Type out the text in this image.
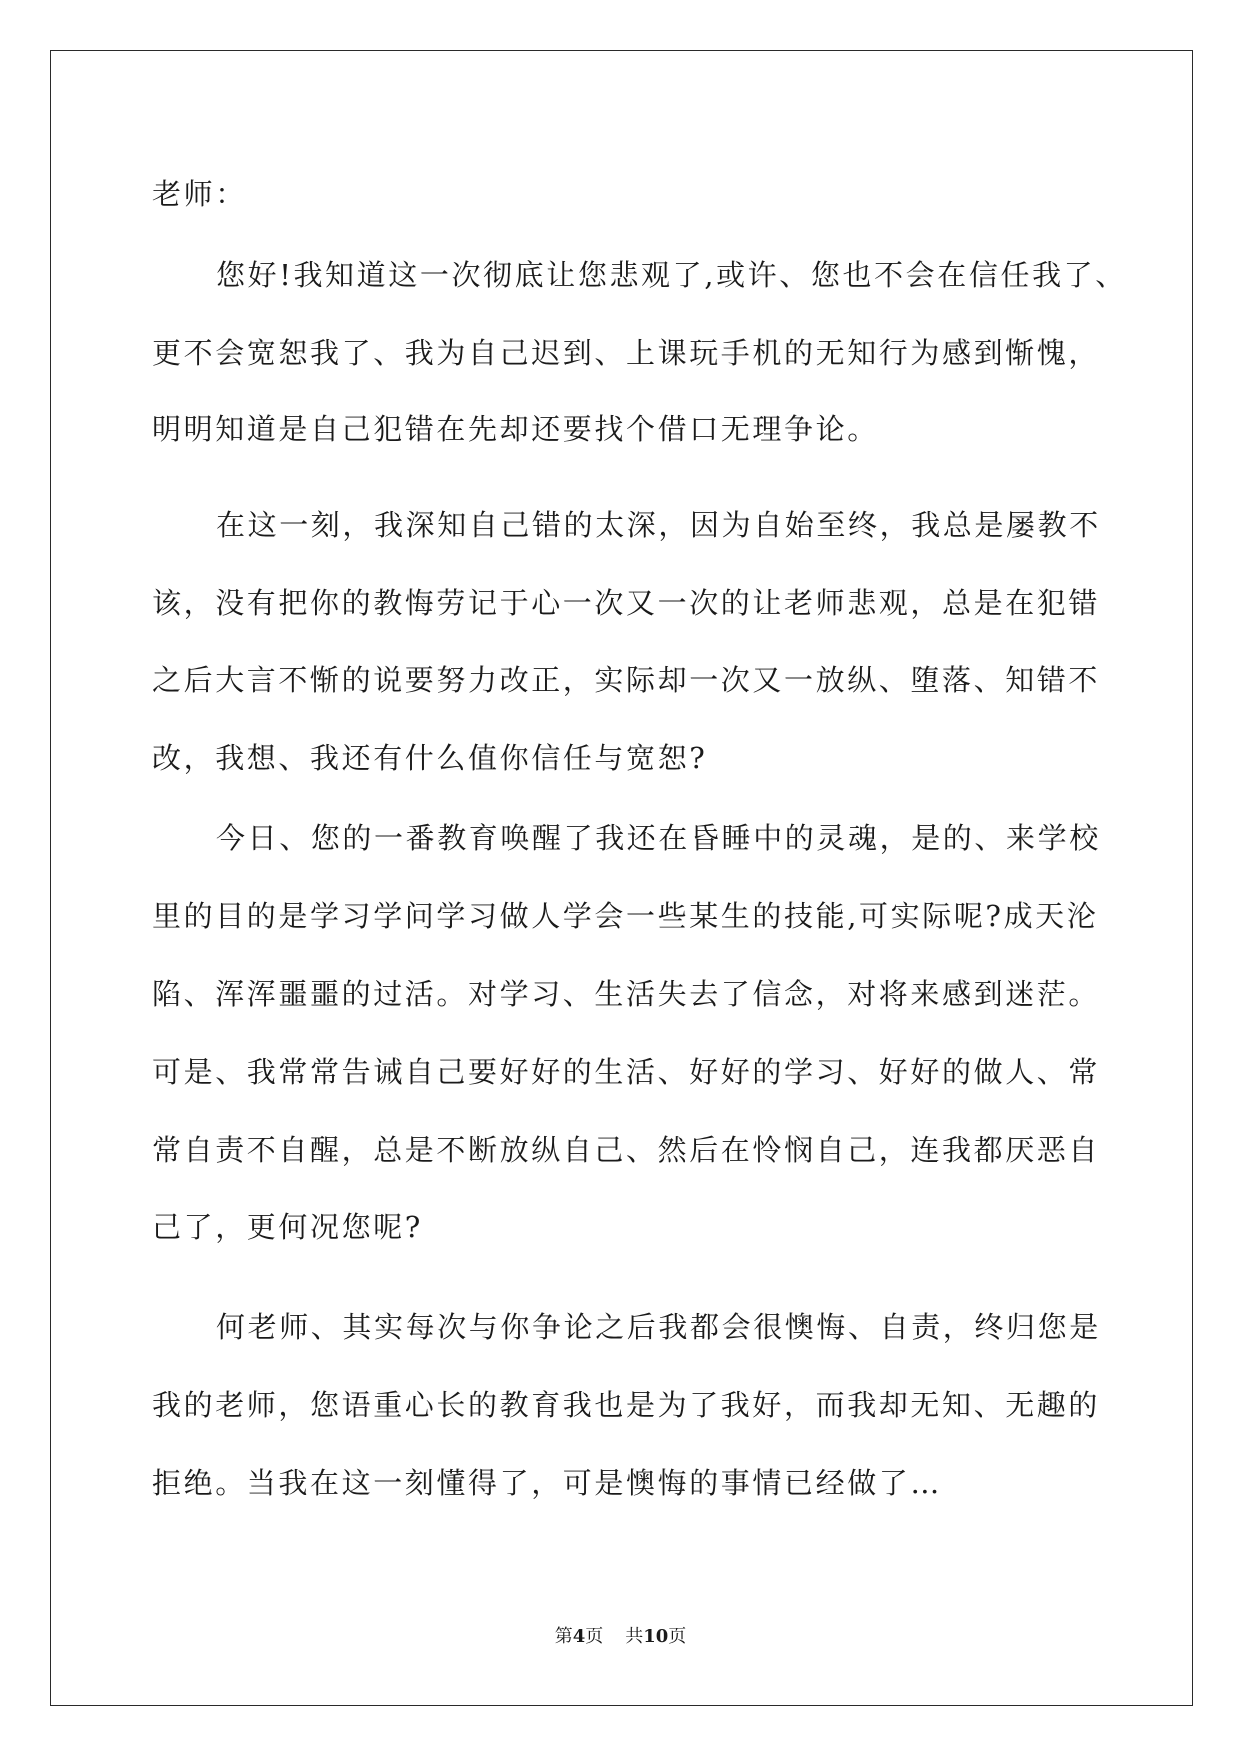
老师：
您好!我知道这一次彻底让您悲观了,或许、您也不会在信任我了、
更不会宽恕我了、我为自己迟到、上课玩手机的无知行为感到惭愧，
明明知道是自己犯错在先却还要找个借口无理争论。
在这一刻，我深知自己错的太深，因为自始至终，我总是屡教不
该，没有把你的教悔劳记于心一次又一次的让老师悲观，总是在犯错
之后大言不惭的说要努力改正，实际却一次又一放纵、堕落、知错不
改，我想、我还有什么值你信任与宽恕?
今日、您的一番教育唤醒了我还在昏睡中的灵魂，是的、来学校
里的目的是学习学问学习做人学会一些某生的技能,可实际呢?成天沦
陷、浑浑噩噩的过活。对学习、生活失去了信念，对将来感到迷茫。
可是、我常常告诫自己要好好的生活、好好的学习、好好的做人、常
常自责不自醒，总是不断放纵自己、然后在怜悯自己，连我都厌恶自
己了，更何况您呢?
何老师、其实每次与你争论之后我都会很懊悔、自责，终归您是
我的老师，您语重心长的教育我也是为了我好，而我却无知、无趣的
拒绝。当我在这一刻懂得了，可是懊悔的事情已经做了…
第4页 共10页
